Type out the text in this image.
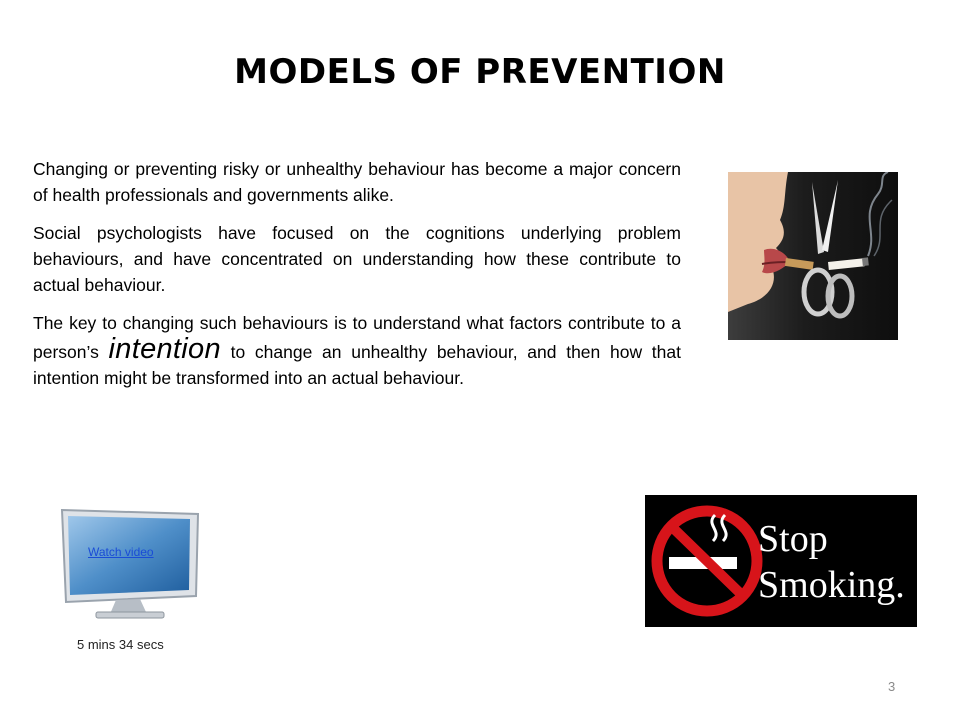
MODELS OF PREVENTION

Changing or preventing risky or unhealthy behaviour has become a major concern of health professionals and governments alike.

Social psychologists have focused on the cognitions underlying problem behaviours, and have concentrated on understanding how these contribute to actual behaviour.

The key to changing such behaviours is to understand what factors contribute to a person’s intention to change an unhealthy behaviour, and then how that intention might be transformed into an actual behaviour.

Watch video
5 mins 34 secs
Stop
Smoking.
3
